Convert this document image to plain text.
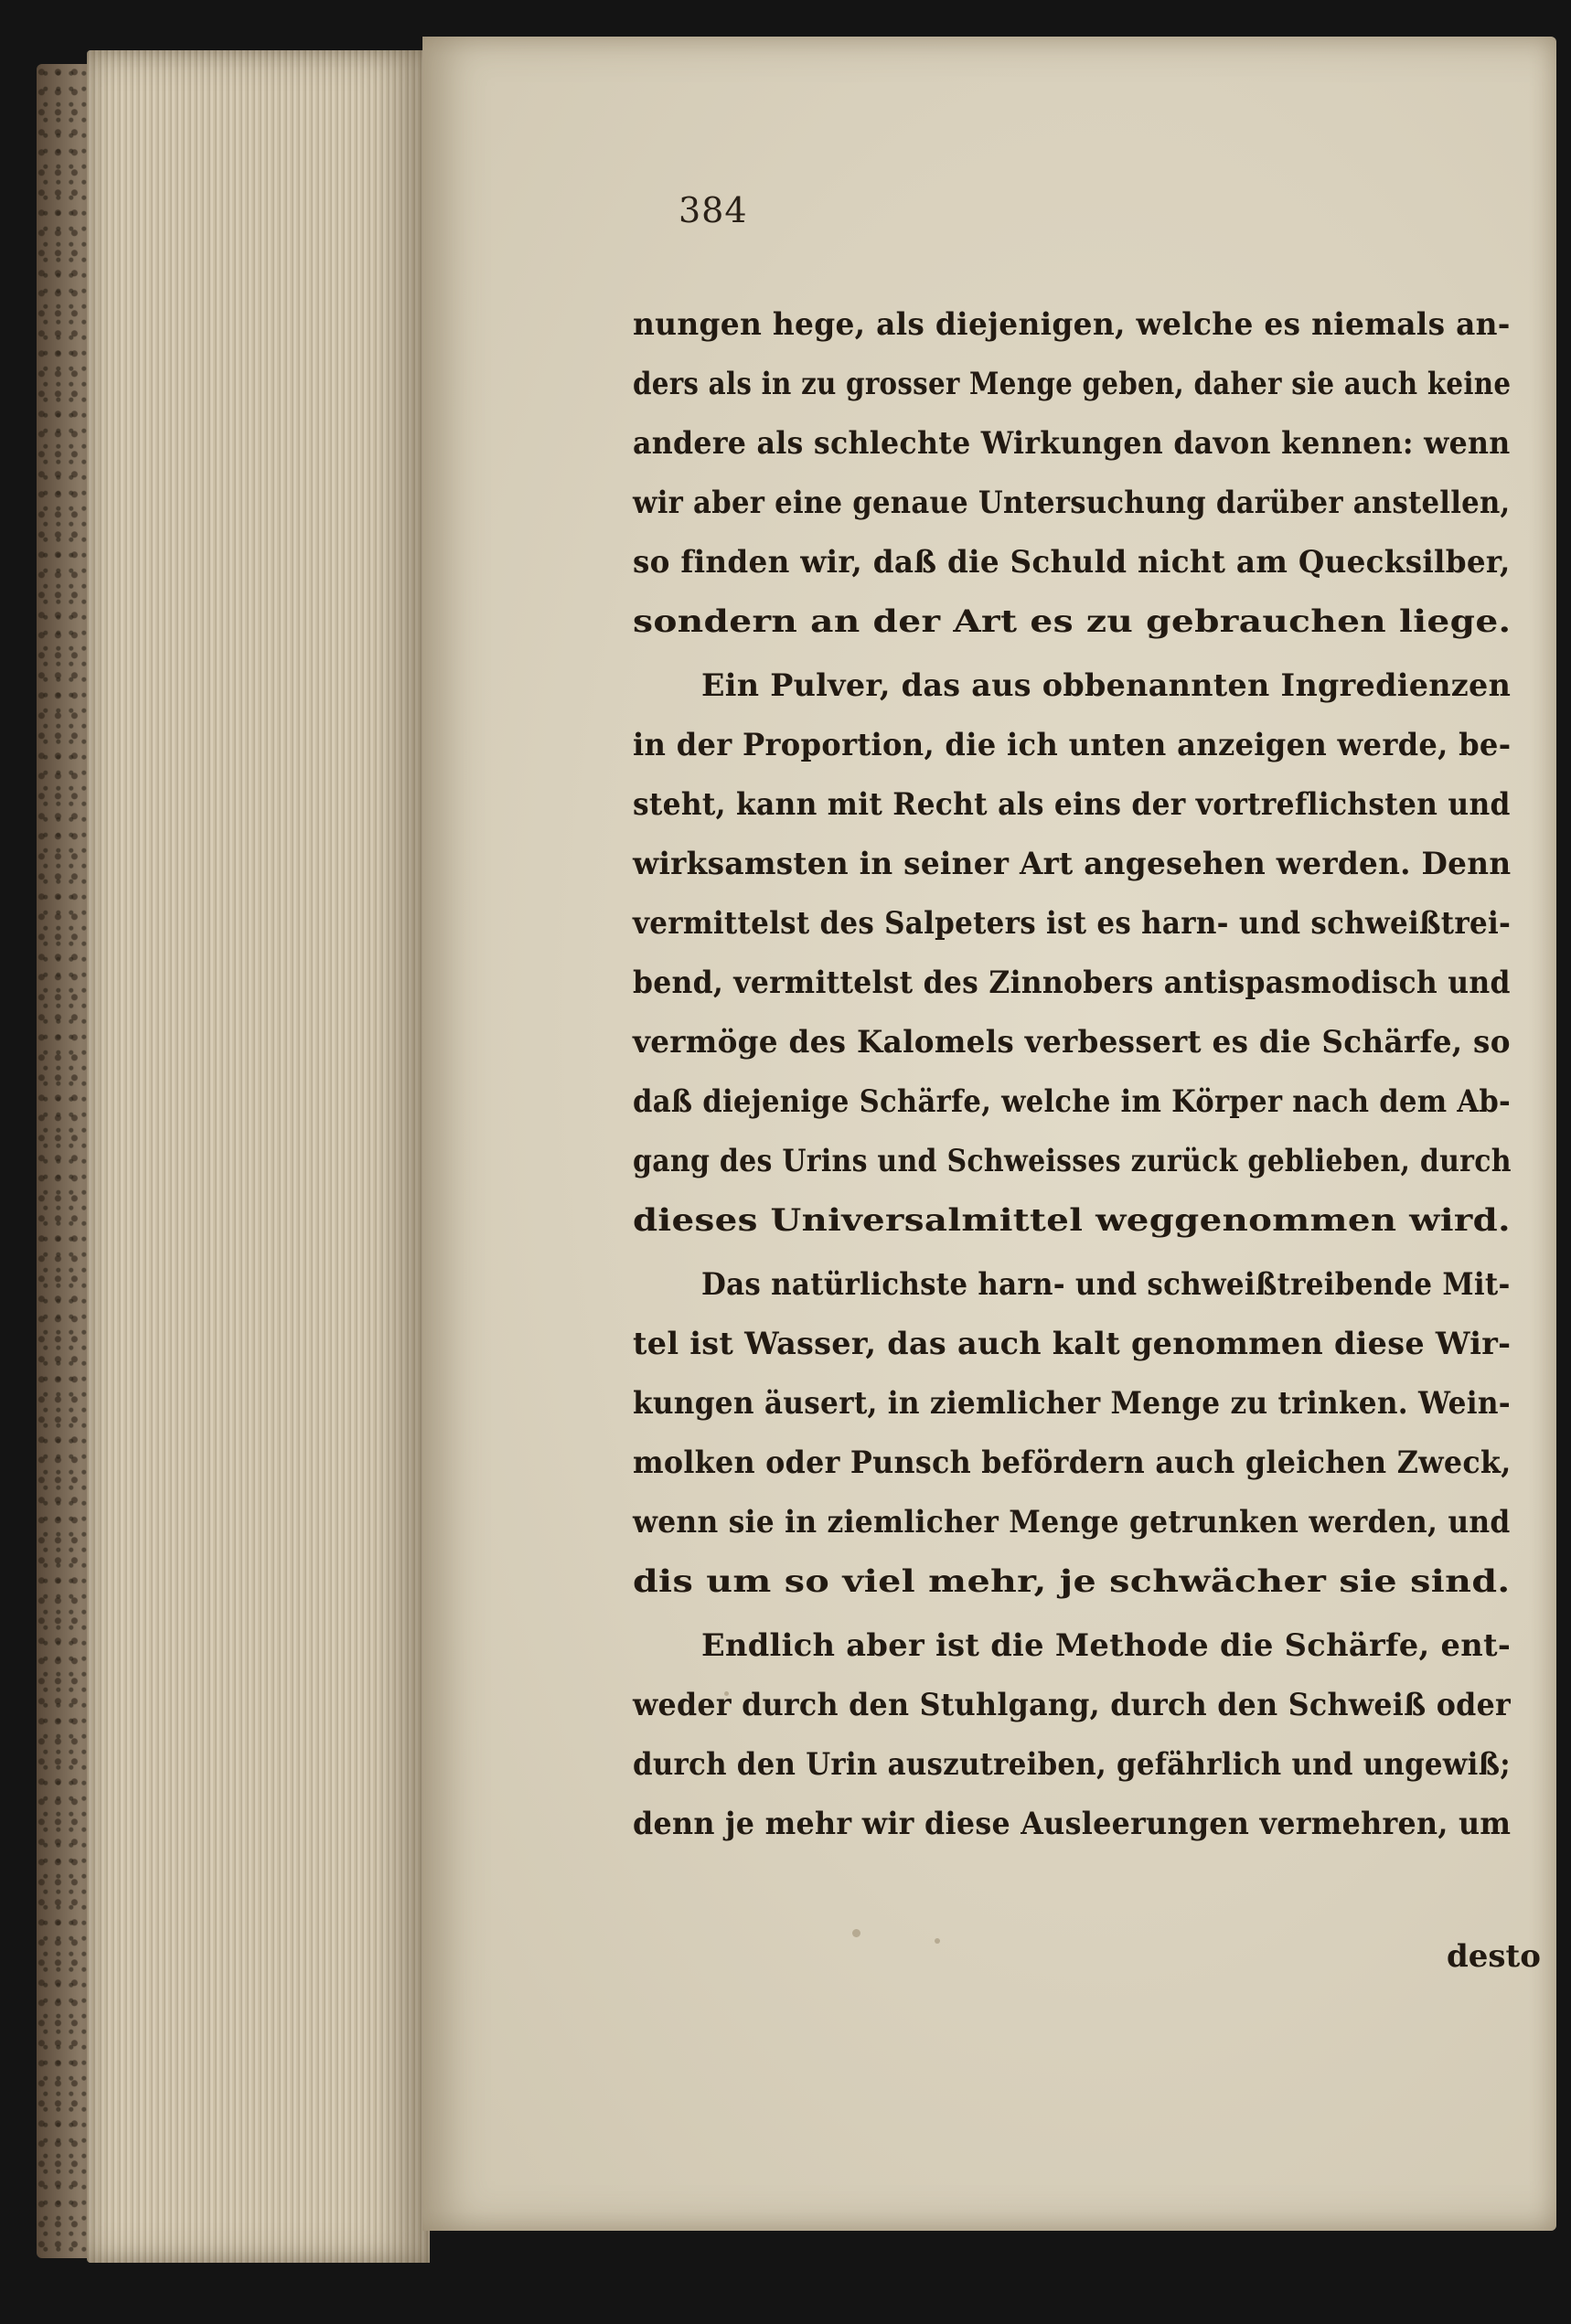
384
nungen hege, als diejenigen, welche es niemals an-
ders als in zu grosser Menge geben, daher sie auch keine
andere als schlechte Wirkungen davon kennen: wenn
wir aber eine genaue Untersuchung darüber anstellen,
so finden wir, daß die Schuld nicht am Quecksilber,
sondern an der Art es zu gebrauchen liege.
Ein Pulver, das aus obbenannten Ingredienzen
in der Proportion, die ich unten anzeigen werde, be-
steht, kann mit Recht als eins der vortreflichsten und
wirksamsten in seiner Art angesehen werden. Denn
vermittelst des Salpeters ist es harn- und schweißtrei-
bend, vermittelst des Zinnobers antispasmodisch und
vermöge des Kalomels verbessert es die Schärfe, so
daß diejenige Schärfe, welche im Körper nach dem Ab-
gang des Urins und Schweisses zurück geblieben, durch
dieses Universalmittel weggenommen wird.
Das natürlichste harn- und schweißtreibende Mit-
tel ist Wasser, das auch kalt genommen diese Wir-
kungen äusert, in ziemlicher Menge zu trinken. Wein-
molken oder Punsch befördern auch gleichen Zweck,
wenn sie in ziemlicher Menge getrunken werden, und
dis um so viel mehr, je schwächer sie sind.
Endlich aber ist die Methode die Schärfe, ent-
weder durch den Stuhlgang, durch den Schweiß oder
durch den Urin auszutreiben, gefährlich und ungewiß;
denn je mehr wir diese Ausleerungen vermehren, um
desto
